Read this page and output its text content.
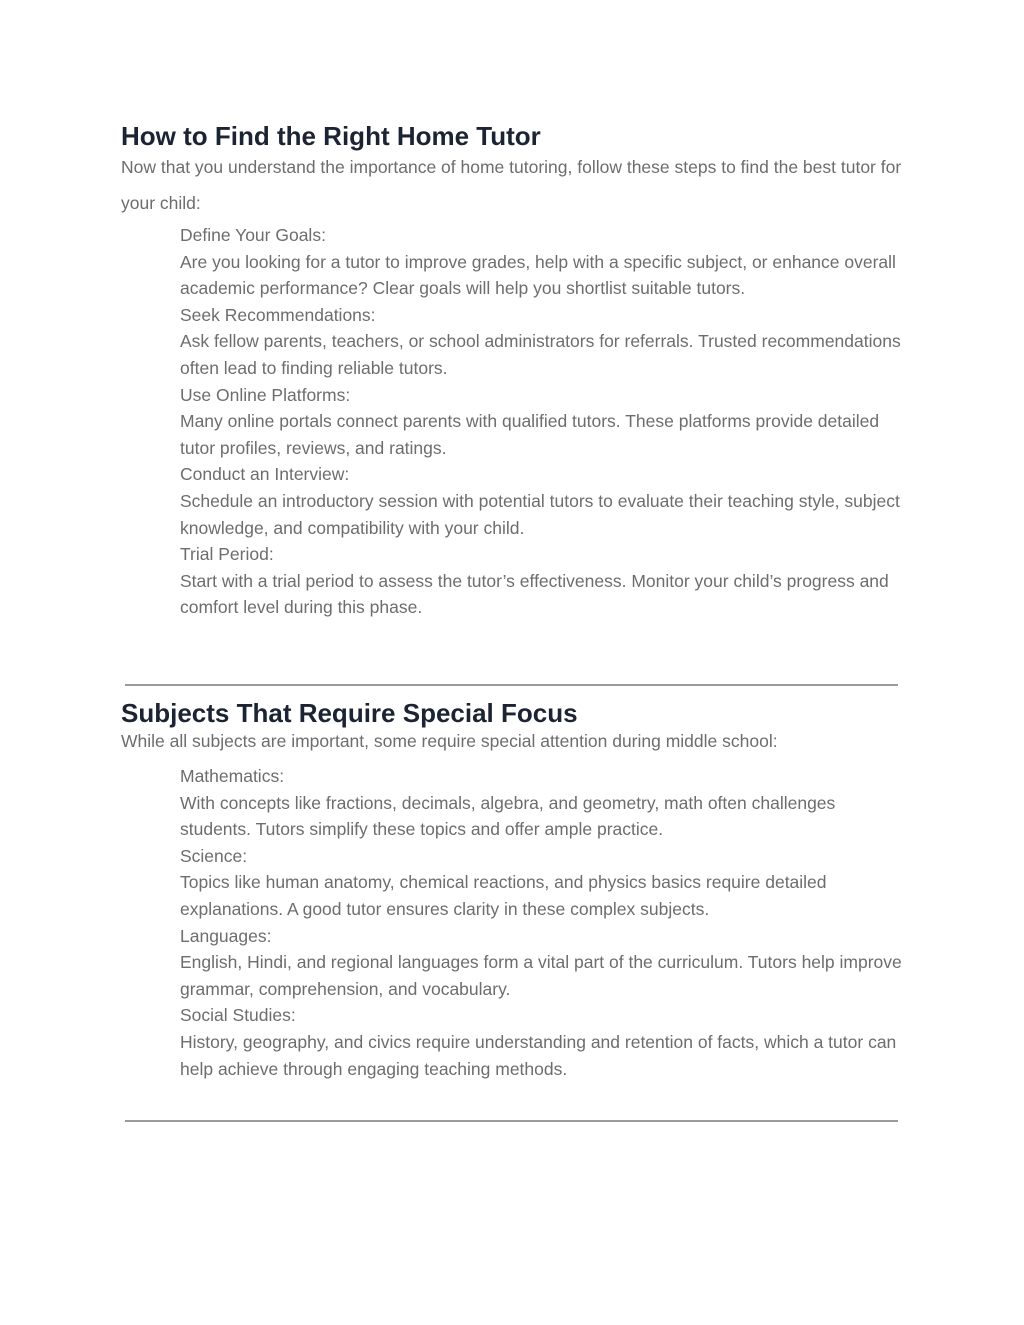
How to Find the Right Home Tutor

Now that you understand the importance of home tutoring, follow these steps to find the best tutor for your child:

Define Your Goals:

Are you looking for a tutor to improve grades, help with a specific subject, or enhance overall academic performance? Clear goals will help you shortlist suitable tutors.

Seek Recommendations:

Ask fellow parents, teachers, or school administrators for referrals. Trusted recommendations often lead to finding reliable tutors.

Use Online Platforms:

Many online portals connect parents with qualified tutors. These platforms provide detailed tutor profiles, reviews, and ratings.

Conduct an Interview:

Schedule an introductory session with potential tutors to evaluate their teaching style, subject knowledge, and compatibility with your child.

Trial Period:

Start with a trial period to assess the tutor’s effectiveness. Monitor your child’s progress and comfort level during this phase.

Subjects That Require Special Focus

While all subjects are important, some require special attention during middle school:

Mathematics:

With concepts like fractions, decimals, algebra, and geometry, math often challenges students. Tutors simplify these topics and offer ample practice.

Science:

Topics like human anatomy, chemical reactions, and physics basics require detailed explanations. A good tutor ensures clarity in these complex subjects.

Languages:

English, Hindi, and regional languages form a vital part of the curriculum. Tutors help improve grammar, comprehension, and vocabulary.

Social Studies:

History, geography, and civics require understanding and retention of facts, which a tutor can help achieve through engaging teaching methods.
